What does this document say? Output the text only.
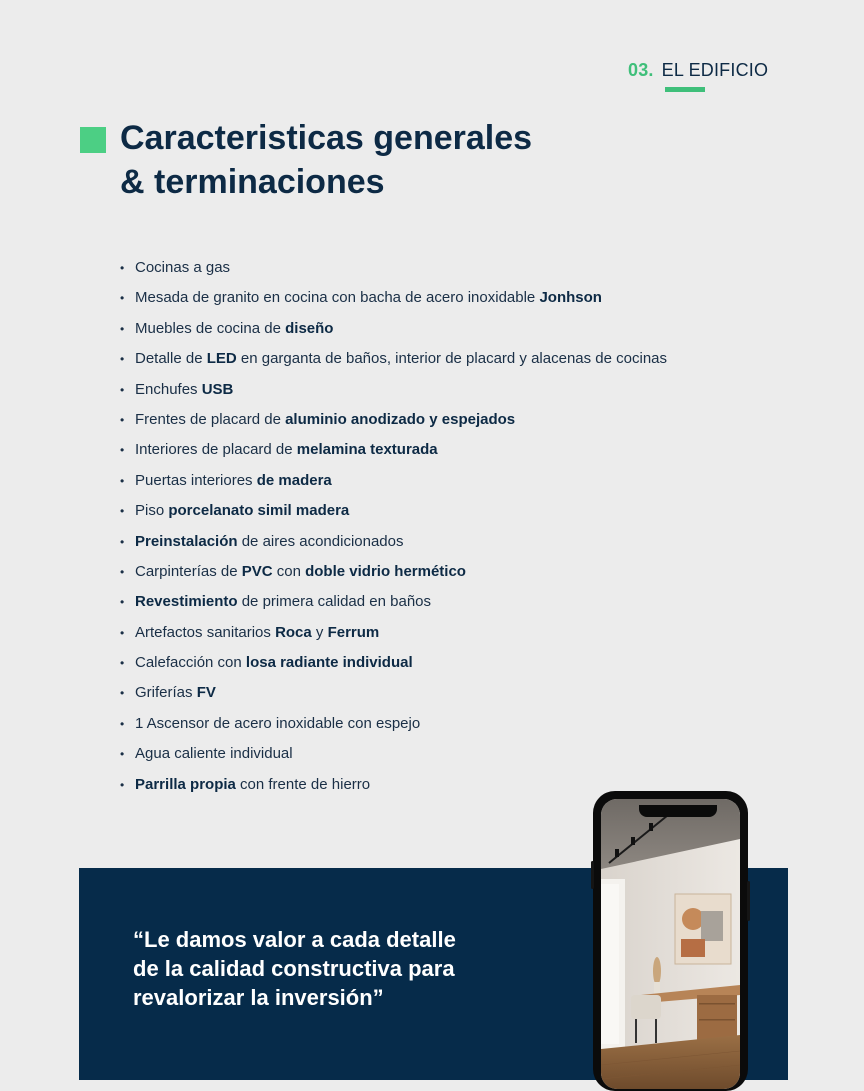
03. EL EDIFICIO
Caracteristicas generales
& terminaciones
• Cocinas a gas
• Mesada de granito en cocina con bacha de acero inoxidable Jonhson
• Muebles de cocina de diseño
• Detalle de LED en garganta de baños, interior de placard y alacenas de cocinas
• Enchufes USB
• Frentes de placard de aluminio anodizado y espejados
• Interiores de placard de melamina texturada
• Puertas interiores de madera
• Piso porcelanato simil madera
• Preinstalación de aires acondicionados
• Carpinterías de PVC con doble vidrio hermético
• Revestimiento de primera calidad en baños
• Artefactos sanitarios Roca y Ferrum
• Calefacción con losa radiante individual
• Griferías FV
• 1 Ascensor de acero inoxidable con espejo
• Agua caliente individual
• Parrilla propia con frente de hierro
“Le damos valor a cada detalle
de la calidad constructiva para
revalorizar la inversión”
